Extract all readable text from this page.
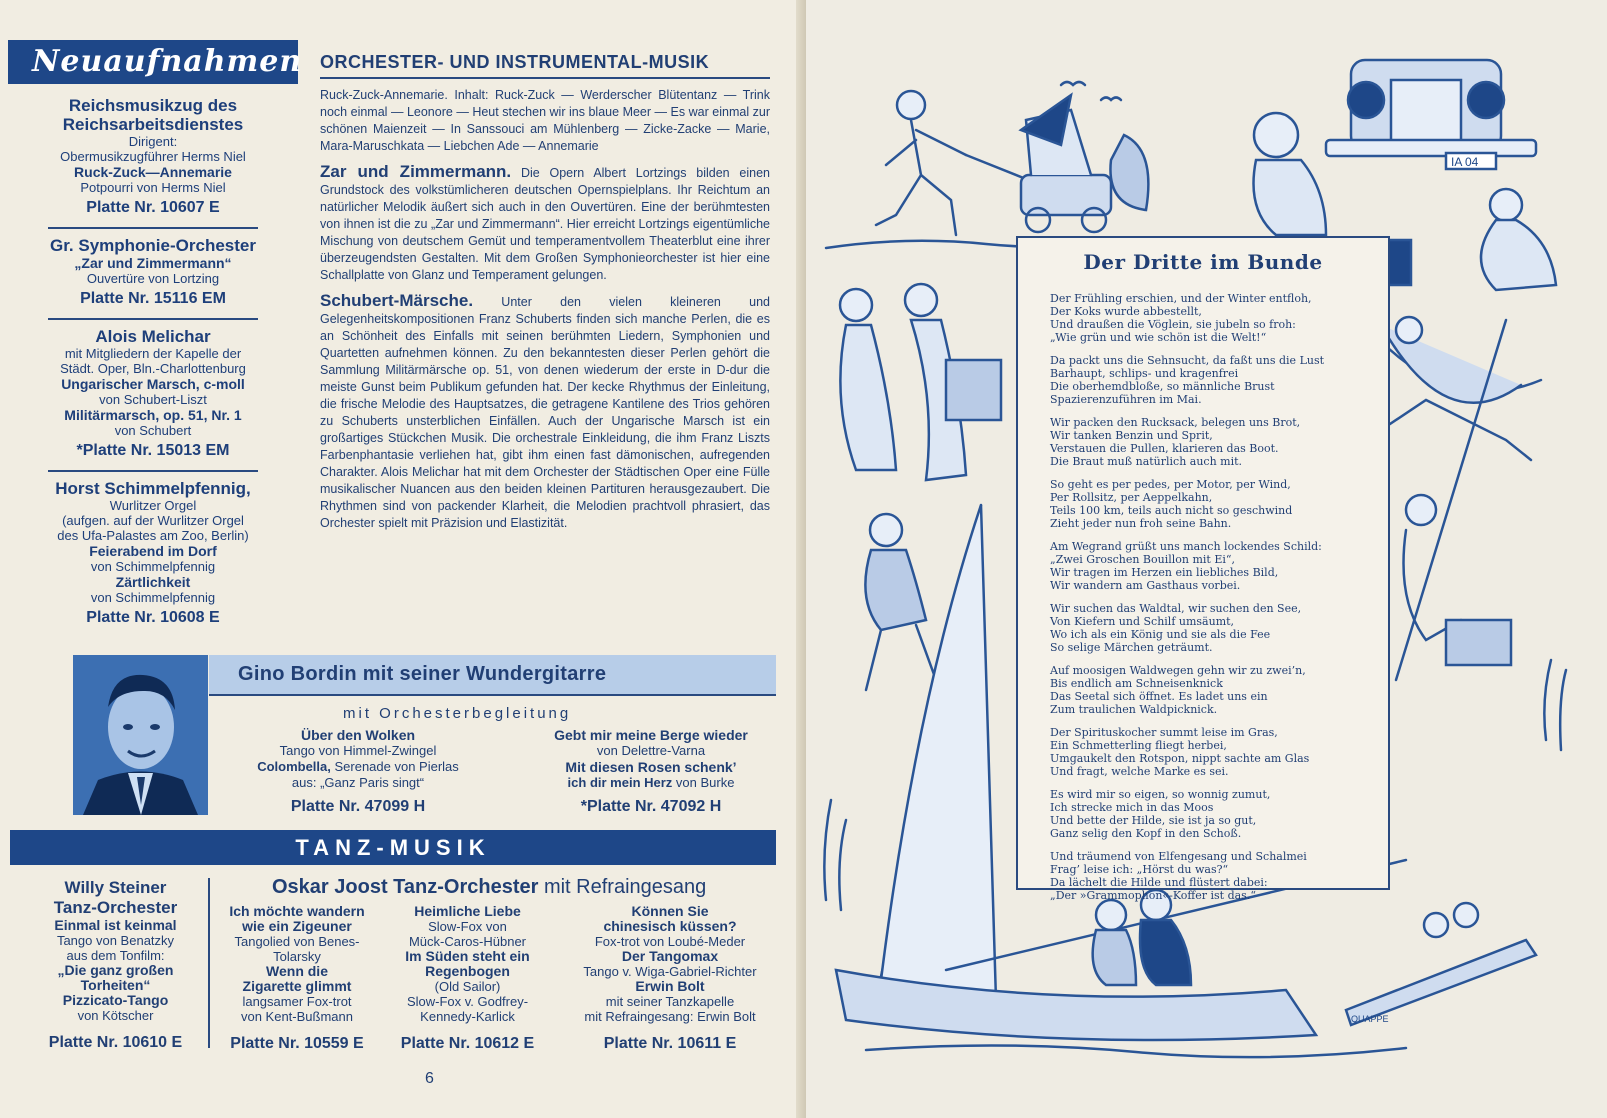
Neuaufnahmen
Reichsmusikzug des Reichsarbeitsdienstes
Dirigent:
Obermusikzugführer Herms Niel
Ruck-Zuck—Annemarie
Potpourri von Herms Niel
Platte Nr. 10607 E
Gr. Symphonie-Orchester
„Zar und Zimmermann“
Ouvertüre von Lortzing
Platte Nr. 15116 EM
Alois Melichar
mit Mitgliedern der Kapelle der
Städt. Oper, Bln.-Charlottenburg
Ungarischer Marsch, c-moll
von Schubert-Liszt
Militärmarsch, op. 51, Nr. 1
von Schubert
*Platte Nr. 15013 EM
Horst Schimmelpfennig,
Wurlitzer Orgel
(aufgen. auf der Wurlitzer Orgel
des Ufa-Palastes am Zoo, Berlin)
Feierabend im Dorf
von Schimmelpfennig
Zärtlichkeit
von Schimmelpfennig
Platte Nr. 10608 E
ORCHESTER- UND INSTRUMENTAL-MUSIK
Ruck-Zuck-Annemarie. Inhalt: Ruck-Zuck — Werderscher Blütentanz — Trink noch einmal — Leonore — Heut stechen wir ins blaue Meer — Es war einmal zur schönen Maienzeit — In Sanssouci am Mühlenberg — Zicke-Zacke — Marie, Mara-Maruschkata — Liebchen Ade — Annemarie
Zar und Zimmermann. Die Opern Albert Lortzings bilden einen Grundstock des volkstümlicheren deutschen Opernspielplans. Ihr Reichtum an natürlicher Melodik äußert sich auch in den Ouvertüren. Eine der berühmtesten von ihnen ist die zu „Zar und Zimmermann“. Hier erreicht Lortzings eigentümliche Mischung von deutschem Gemüt und temperamentvollem Theaterblut eine ihrer überzeugendsten Gestalten. Mit dem Großen Symphonieorchester ist hier eine Schallplatte von Glanz und Temperament gelungen.
Schubert-Märsche. Unter den vielen kleineren und Gelegenheitskompositionen Franz Schuberts finden sich manche Perlen, die es an Schönheit des Einfalls mit seinen berühmten Liedern, Symphonien und Quartetten aufnehmen können. Zu den bekanntesten dieser Perlen gehört die Sammlung Militärmärsche op. 51, von denen wiederum der erste in D-dur die meiste Gunst beim Publikum gefunden hat. Der kecke Rhythmus der Einleitung, die frische Melodie des Hauptsatzes, die getragene Kantilene des Trios gehören zu Schuberts unsterblichen Einfällen. Auch der Ungarische Marsch ist ein großartiges Stückchen Musik. Die orchestrale Einkleidung, die ihm Franz Liszts Farbenphantasie verliehen hat, gibt ihm einen fast dämonischen, aufregenden Charakter. Alois Melichar hat mit dem Orchester der Städtischen Oper eine Fülle musikalischer Nuancen aus den beiden kleinen Partituren herausgezaubert. Die Rhythmen sind von packender Klarheit, die Melodien prachtvoll phrasiert, das Orchester spielt mit Präzision und Elastizität.
Gino Bordin mit seiner Wundergitarre
mit Orchesterbegleitung
Über den Wolken
Tango von Himmel-Zwingel
Colombella, Serenade von Pierlas
aus: „Ganz Paris singt“
Platte Nr. 47099 H
Gebt mir meine Berge wieder
von Delettre-Varna
Mit diesen Rosen schenk’
ich dir mein Herz von Burke
*Platte Nr. 47092 H
TANZ-MUSIK
Willy Steiner
Tanz-Orchester
Einmal ist keinmal
Tango von Benatzky
aus dem Tonfilm:
„Die ganz großen
Torheiten“
Pizzicato-Tango
von Kötscher
Platte Nr. 10610 E
Oskar Joost Tanz-Orchester mit Refraingesang
Ich möchte wandern
wie ein Zigeuner
Tangolied von Benes-
Tolarsky
Wenn die
Zigarette glimmt
langsamer Fox-trot
von Kent-Bußmann
Platte Nr. 10559 E
Heimliche Liebe
Slow-Fox von
Mück-Caros-Hübner
Im Süden steht ein
Regenbogen
(Old Sailor)
Slow-Fox v. Godfrey-
Kennedy-Karlick
Platte Nr. 10612 E
Können Sie
chinesisch küssen?
Fox-trot von Loubé-Meder
Der Tangomax
Tango v. Wiga-Gabriel-Richter
Erwin Bolt
mit seiner Tanzkapelle
mit Refraingesang: Erwin Bolt
Platte Nr. 10611 E
6
IA 04
QUAPPE
Der Dritte im Bunde
Der Frühling erschien, und der Winter entfloh,
Der Koks wurde abbestellt,
Und draußen die Vöglein, sie jubeln so froh:
„Wie grün und wie schön ist die Welt!“
Da packt uns die Sehnsucht, da faßt uns die Lust
Barhaupt, schlips- und kragenfrei
Die oberhemdbloße, so männliche Brust
Spazierenzuführen im Mai.
Wir packen den Rucksack, belegen uns Brot,
Wir tanken Benzin und Sprit,
Verstauen die Pullen, klarieren das Boot.
Die Braut muß natürlich auch mit.
So geht es per pedes, per Motor, per Wind,
Per Rollsitz, per Aeppelkahn,
Teils 100 km, teils auch nicht so geschwind
Zieht jeder nun froh seine Bahn.
Am Wegrand grüßt uns manch lockendes Schild:
„Zwei Groschen Bouillon mit Ei“,
Wir tragen im Herzen ein liebliches Bild,
Wir wandern am Gasthaus vorbei.
Wir suchen das Waldtal, wir suchen den See,
Von Kiefern und Schilf umsäumt,
Wo ich als ein König und sie als die Fee
So selige Märchen geträumt.
Auf moosigen Waldwegen gehn wir zu zwei’n,
Bis endlich am Schneisenknick
Das Seetal sich öffnet. Es ladet uns ein
Zum traulichen Waldpicknick.
Der Spirituskocher summt leise im Gras,
Ein Schmetterling fliegt herbei,
Umgaukelt den Rotspon, nippt sachte am Glas
Und fragt, welche Marke es sei.
Es wird mir so eigen, so wonnig zumut,
Ich strecke mich in das Moos
Und bette der Hilde, sie ist ja so gut,
Ganz selig den Kopf in den Schoß.
Und träumend von Elfengesang und Schalmei
Frag’ leise ich: „Hörst du was?“
Da lächelt die Hilde und flüstert dabei:
„Der »Grammophon«-Koffer ist das.“
